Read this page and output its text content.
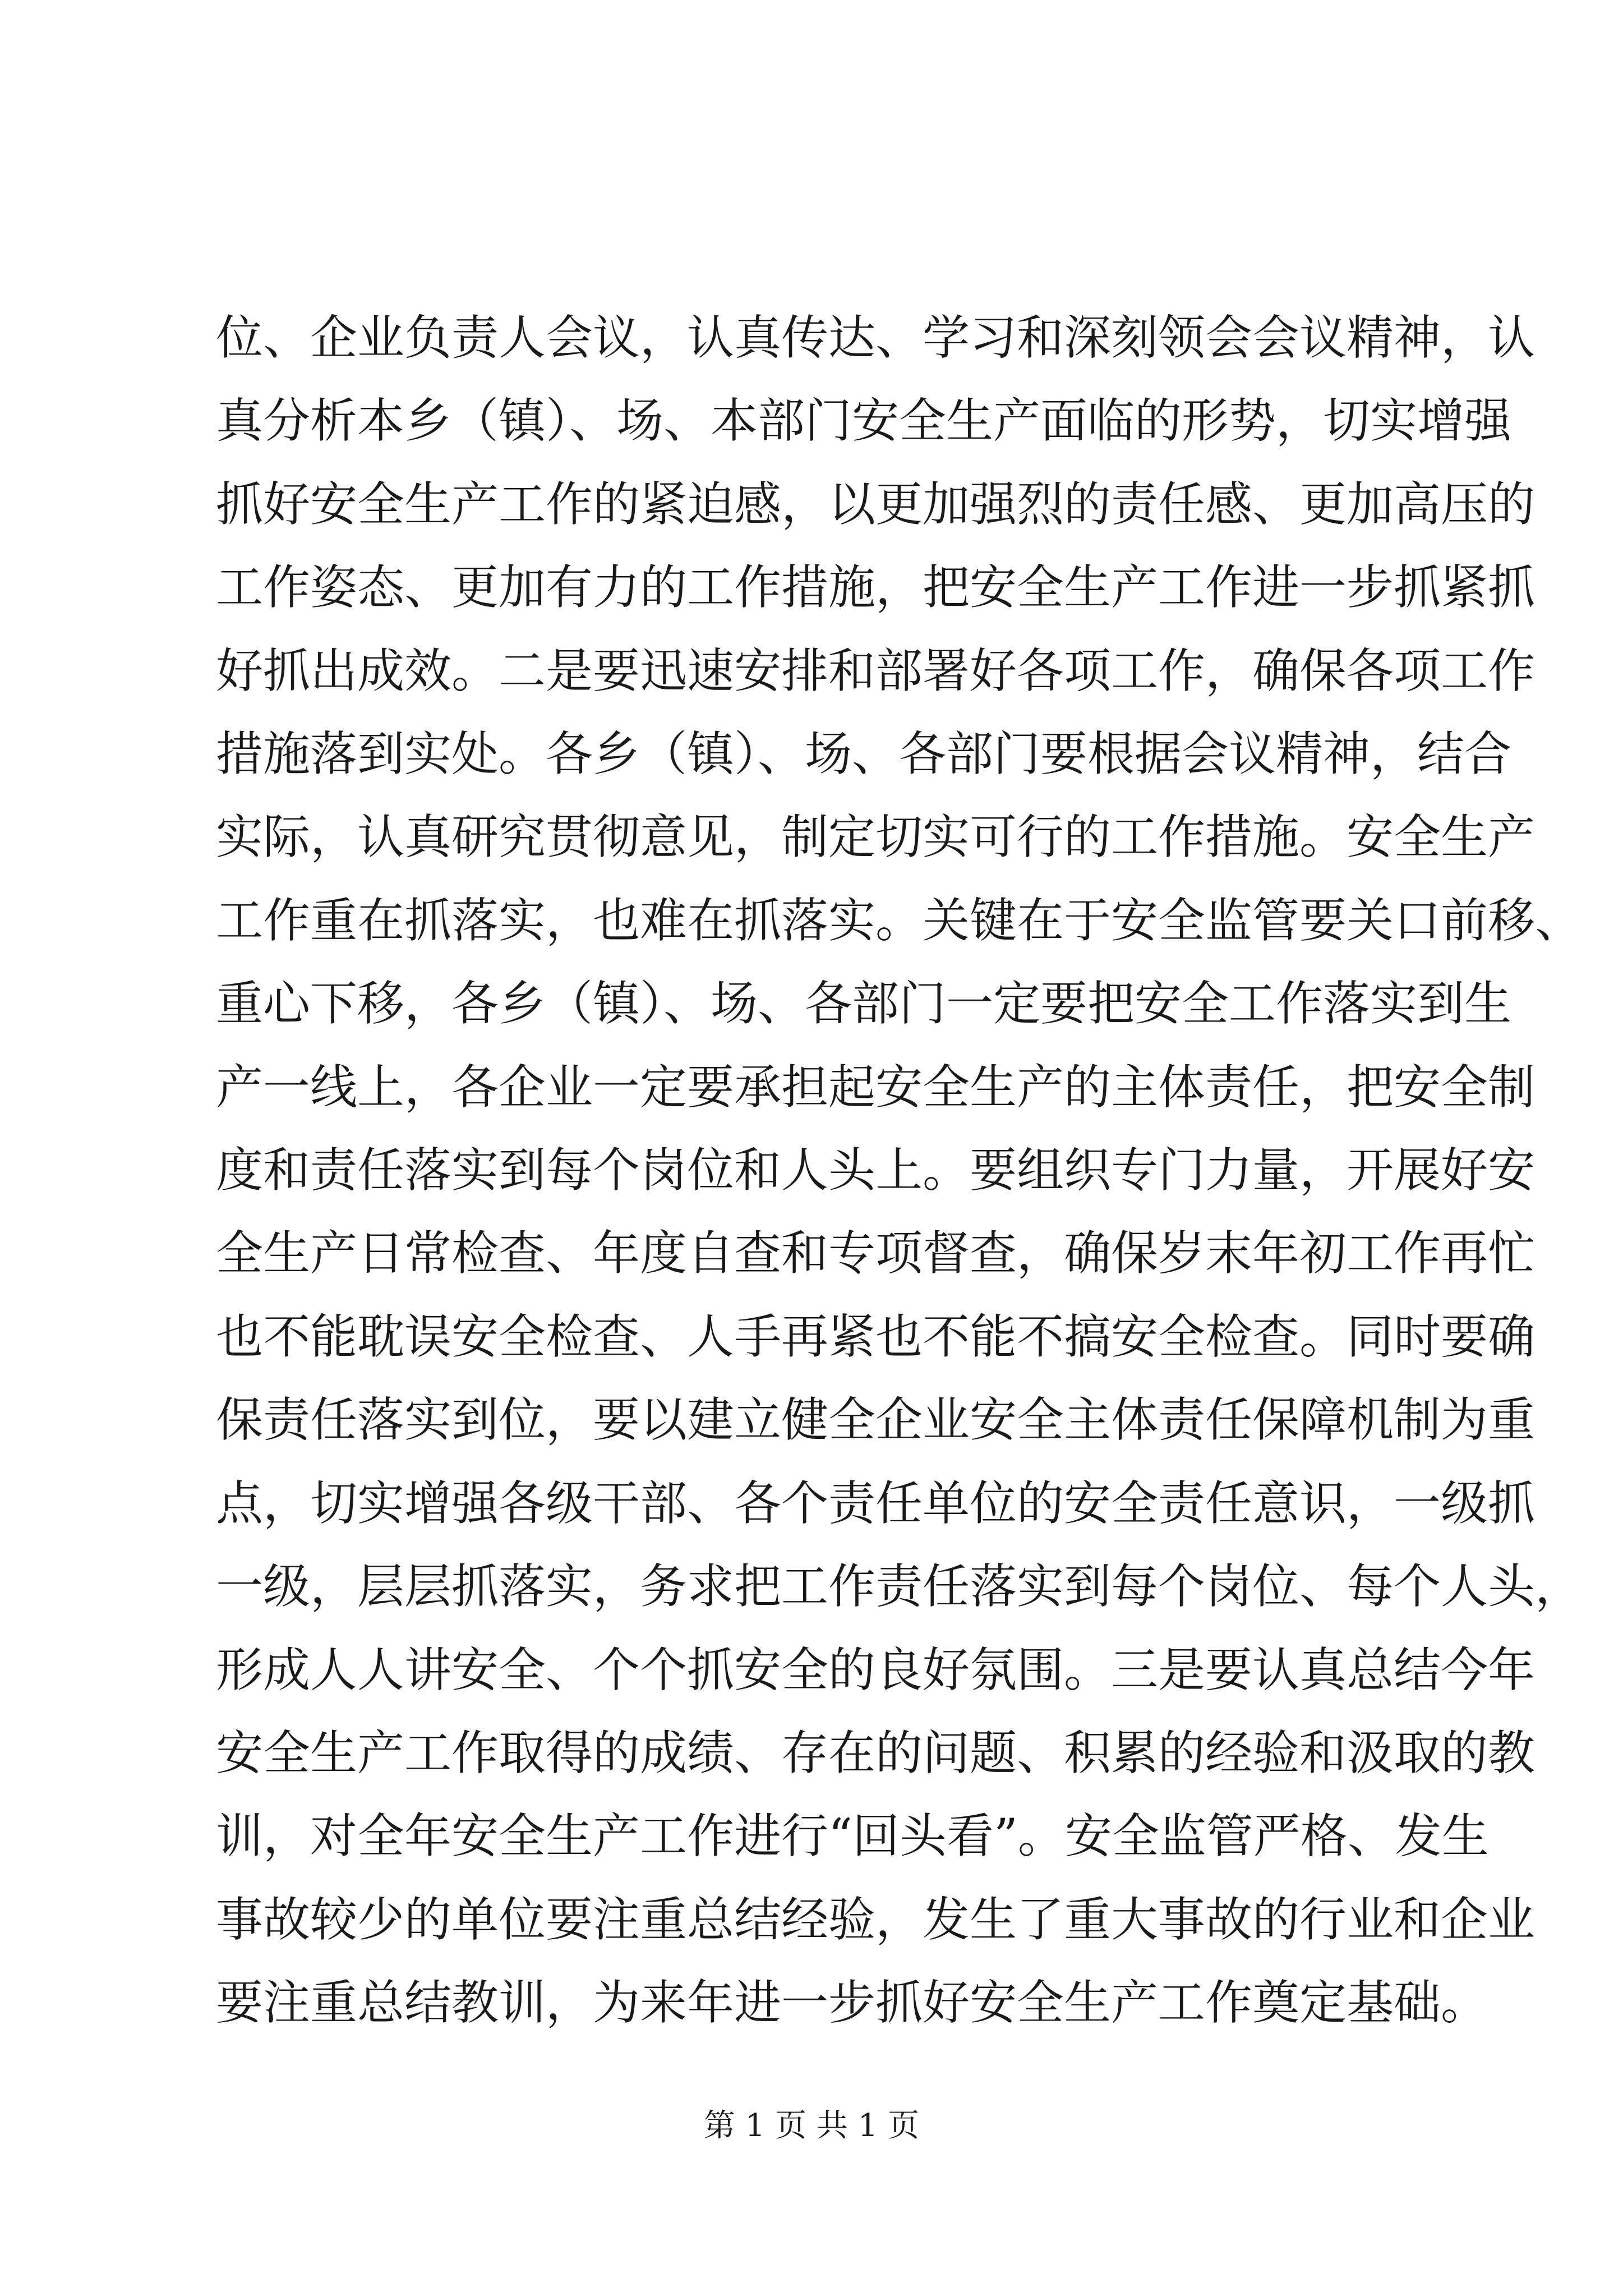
位、企业负责人会议，认真传达、学习和深刻领会会议精神，认
真分析本乡（镇）、场、本部门安全生产面临的形势，切实增强
抓好安全生产工作的紧迫感，以更加强烈的责任感、更加高压的
工作姿态、更加有力的工作措施，把安全生产工作进一步抓紧抓
好抓出成效。二是要迅速安排和部署好各项工作，确保各项工作
措施落到实处。各乡（镇）、场、各部门要根据会议精神，结合
实际，认真研究贯彻意见，制定切实可行的工作措施。安全生产
工作重在抓落实，也难在抓落实。关键在于安全监管要关口前移、
重心下移，各乡（镇）、场、各部门一定要把安全工作落实到生
产一线上，各企业一定要承担起安全生产的主体责任，把安全制
度和责任落实到每个岗位和人头上。要组织专门力量，开展好安
全生产日常检查、年度自查和专项督查，确保岁末年初工作再忙
也不能耽误安全检查、人手再紧也不能不搞安全检查。同时要确
保责任落实到位，要以建立健全企业安全主体责任保障机制为重
点，切实增强各级干部、各个责任单位的安全责任意识，一级抓
一级，层层抓落实，务求把工作责任落实到每个岗位、每个人头，
形成人人讲安全、个个抓安全的良好氛围。三是要认真总结今年
安全生产工作取得的成绩、存在的问题、积累的经验和汲取的教
训，对全年安全生产工作进行“回头看”。安全监管严格、发生
事故较少的单位要注重总结经验，发生了重大事故的行业和企业
要注重总结教训，为来年进一步抓好安全生产工作奠定基础。
第 1 页 共 1 页
